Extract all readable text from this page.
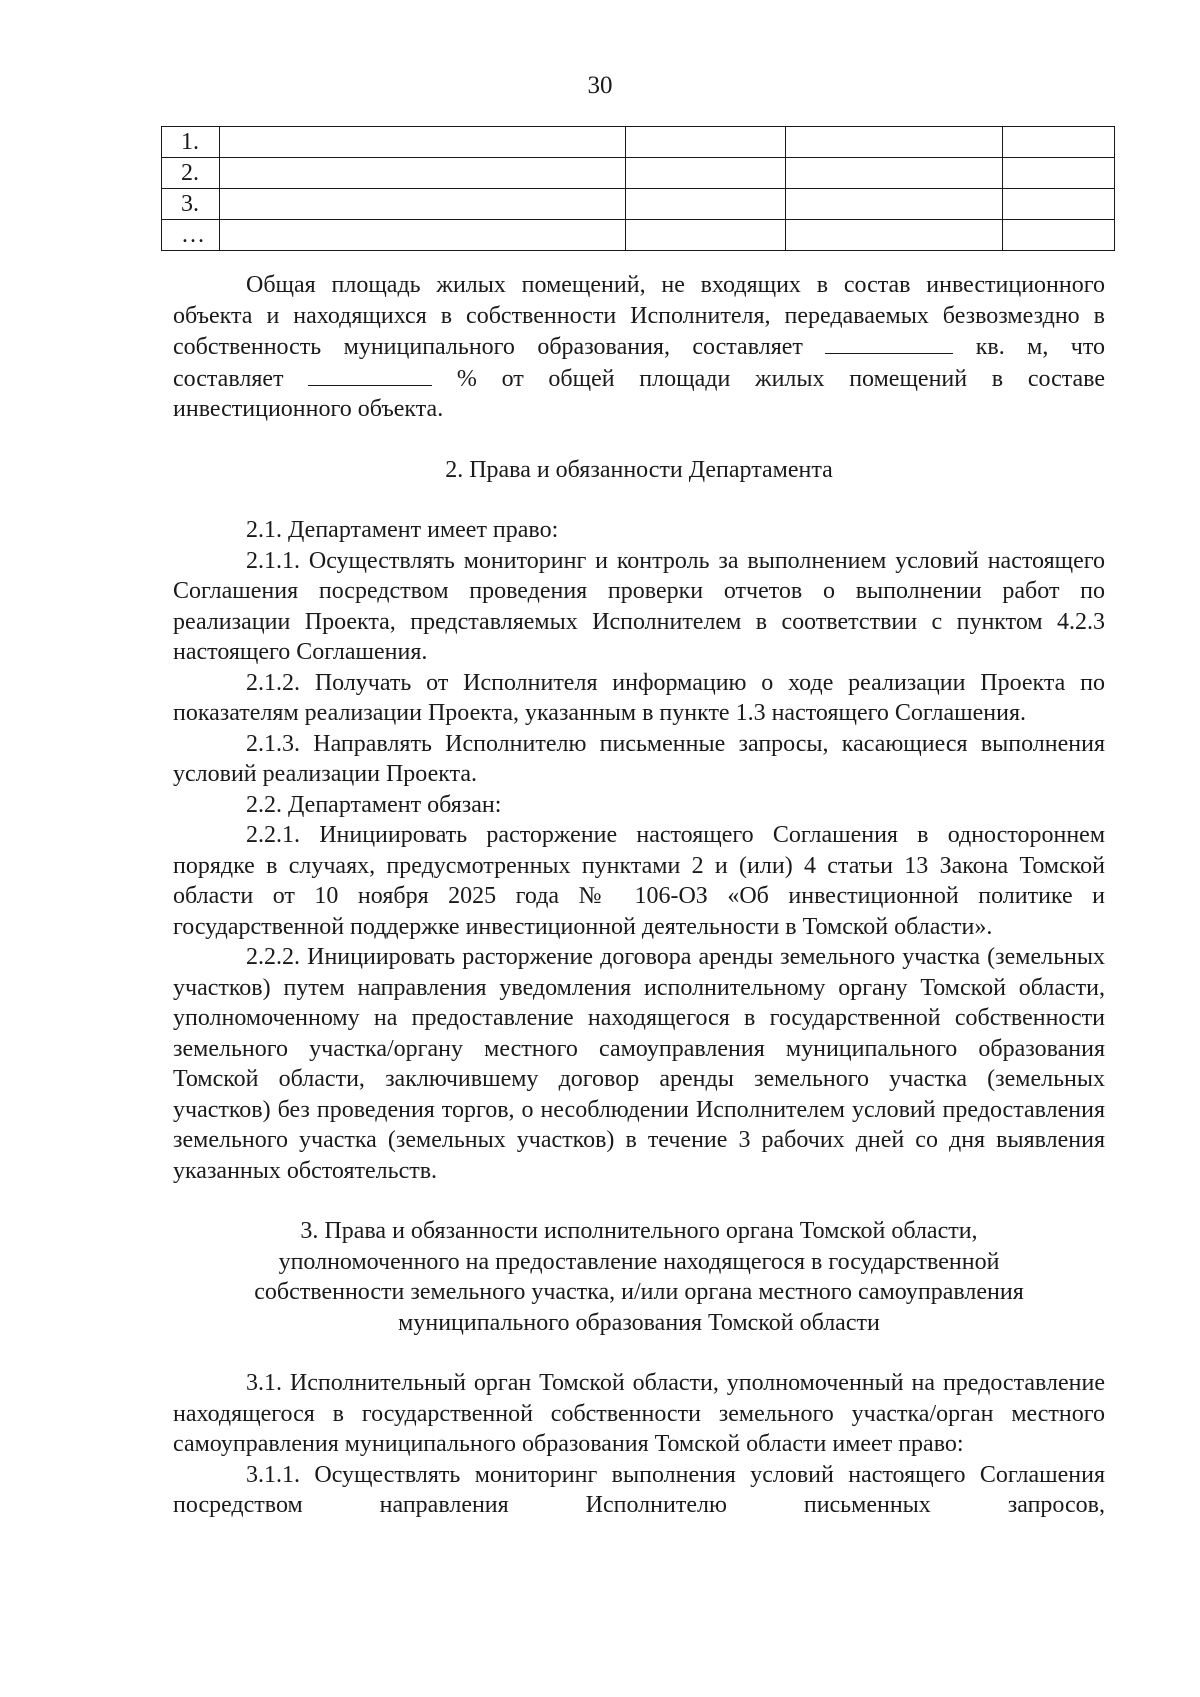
30
1.				
2.				
3.				
…				

Общая площадь жилых помещений, не входящих в состав инвестиционного объекта и находящихся в собственности Исполнителя, передаваемых безвозмездно в собственность муниципального образования, составляет	кв. м, что составляет	% от общей площади жилых помещений в составе инвестиционного объекта.

2. Права и обязанности Департамента

2.1. Департамент имеет право:

2.1.1. Осуществлять мониторинг и контроль за выполнением условий настоящего Соглашения посредством проведения проверки отчетов о выполнении работ по реализации Проекта, представляемых Исполнителем в соответствии с пунктом 4.2.3 настоящего Соглашения.

2.1.2. Получать от Исполнителя информацию о ходе реализации Проекта по показателям реализации Проекта, указанным в пункте 1.3 настоящего Соглашения.

2.1.3. Направлять Исполнителю письменные запросы, касающиеся выполнения условий реализации Проекта.

2.2. Департамент обязан:

2.2.1. Инициировать расторжение настоящего Соглашения в одностороннем порядке в случаях, предусмотренных пунктами 2 и (или) 4 статьи 13 Закона Томской области от 10 ноября 2025 года № 106-ОЗ «Об инвестиционной политике и государственной поддержке инвестиционной деятельности в Томской области».

2.2.2. Инициировать расторжение договора аренды земельного участка (земельных участков) путем направления уведомления исполнительному органу Томской области, уполномоченному на предоставление находящегося в государственной собственности земельного участка/органу местного самоуправления муниципального образования Томской области, заключившему договор аренды земельного участка (земельных участков) без проведения торгов, о несоблюдении Исполнителем условий предоставления земельного участка (земельных участков) в течение 3 рабочих дней со дня выявления указанных обстоятельств.

3. Права и обязанности исполнительного органа Томской области,
уполномоченного на предоставление находящегося в государственной
собственности земельного участка, и/или органа местного самоуправления
муниципального образования Томской области

3.1. Исполнительный орган Томской области, уполномоченный на предоставление находящегося в государственной собственности земельного участка/орган местного самоуправления муниципального образования Томской области имеет право:

3.1.1. Осуществлять мониторинг выполнения условий настоящего Соглашения посредством направления Исполнителю письменных запросов,
